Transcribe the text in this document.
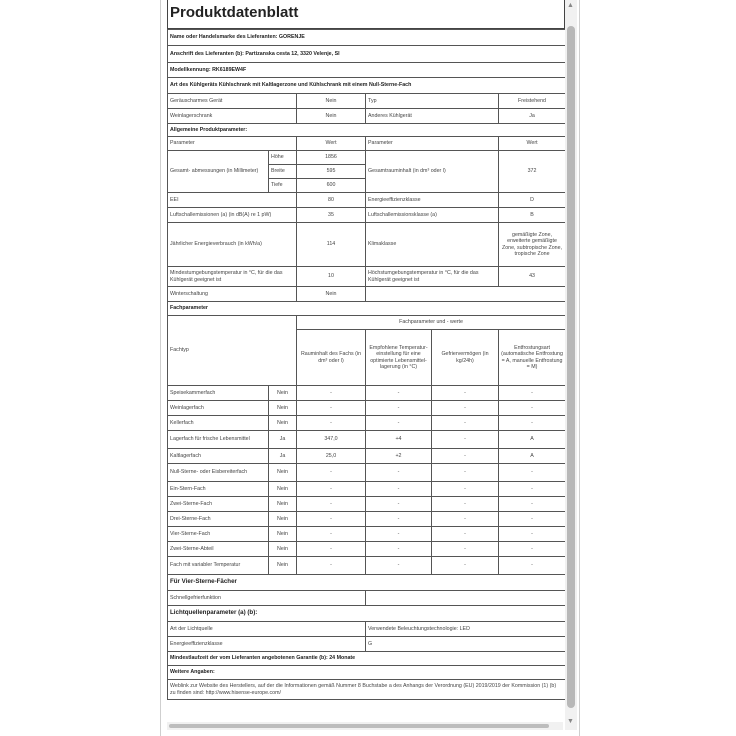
Produktdatenblatt
Name oder Handelsmarke des Lieferanten: GORENJE					
Anschrift des Lieferanten (b): Partizanska cesta 12, 3320 Velenje, SI					
Modellkennung: RK6189EW4F					
Art des Kühlgeräts Kühlschrank mit Kaltlagerzone und Kühlschrank mit einem Null-Sterne-Fach					
Geräuscharmes Gerät		Nein	Typ		Freistehend
Weinlagerschrank		Nein	Anderes Kühlgerät		Ja
Allgemeine Produktparameter:					
Parameter		Wert	Parameter		Wert
Gesamt- abmessungen (in Millimeter)	Höhe	1856	Gesamtrauminhalt (in dm³ oder l)		372
	Breite	595			
	Tiefe	600			
EEI		80	Energieeffizienzklasse		D
Luftschallemissionen (a) (in dB(A) re 1 pW)		35	Luftschallemissionsklasse (a)		B
Jährlicher Energieverbrauch (in kWh/a)		114	Klimaklasse		gemäßigte Zone, erweiterte gemäßigte Zone, subtropische Zone, tropische Zone
Mindestumgebungstemperatur in °C, für die das Kühlgerät geeignet ist		10	Höchstumgebungstemperatur in °C, für die das Kühlgerät geeignet ist		43
Winterschaltung		Nein			
Fachparameter					
Fachtyp		Fachparameter und - werte			
		Rauminhalt des Fachs (in dm³ oder l)	Empfohlene Temperatur- einstellung für eine optimierte Lebensmittel- lagerung (in °C)	Gefriervermögen (in kg/24h)	Entfrostungsart (automatische Entfrostung = A, manuelle Entfrostung = M)
Speisekammerfach	Nein	-	-	-	-
Weinlagerfach	Nein	-	-	-	-
Kellerfach	Nein	-	-	-	-
Lagerfach für frische Lebensmittel	Ja	347,0	+4	-	A
Kaltlagerfach	Ja	25,0	+2	-	A
Null-Sterne- oder Eisbereiterfach	Nein	-	-	-	-
Ein-Stern-Fach	Nein	-	-	-	-
Zwei-Sterne-Fach	Nein	-	-	-	-
Drei-Sterne-Fach	Nein	-	-	-	-
Vier-Sterne-Fach	Nein	-	-	-	-
Zwei-Sterne-Abteil	Nein	-	-	-	-
Fach mit variabler Temperatur	Nein	-	-	-	-
Für Vier-Sterne-Fächer					
Schnellgefrierfunktion					
Lichtquellenparameter (a) (b):					
Art der Lichtquelle			Verwendete Beleuchtungstechnologie: LED		
Energieeffizienzklasse			G		
Mindestlaufzeit der vom Lieferanten angebotenen Garantie (b): 24 Monate					
Weitere Angaben:					
Weblink zur Website des Herstellers, auf der die Informationen gemäß Nummer 8 Buchstabe a des Anhangs der Verordnung (EU) 2019/2019 der Kommission (1) (b) zu finden sind: http://www.hisense-europe.com/					
▲
▼
